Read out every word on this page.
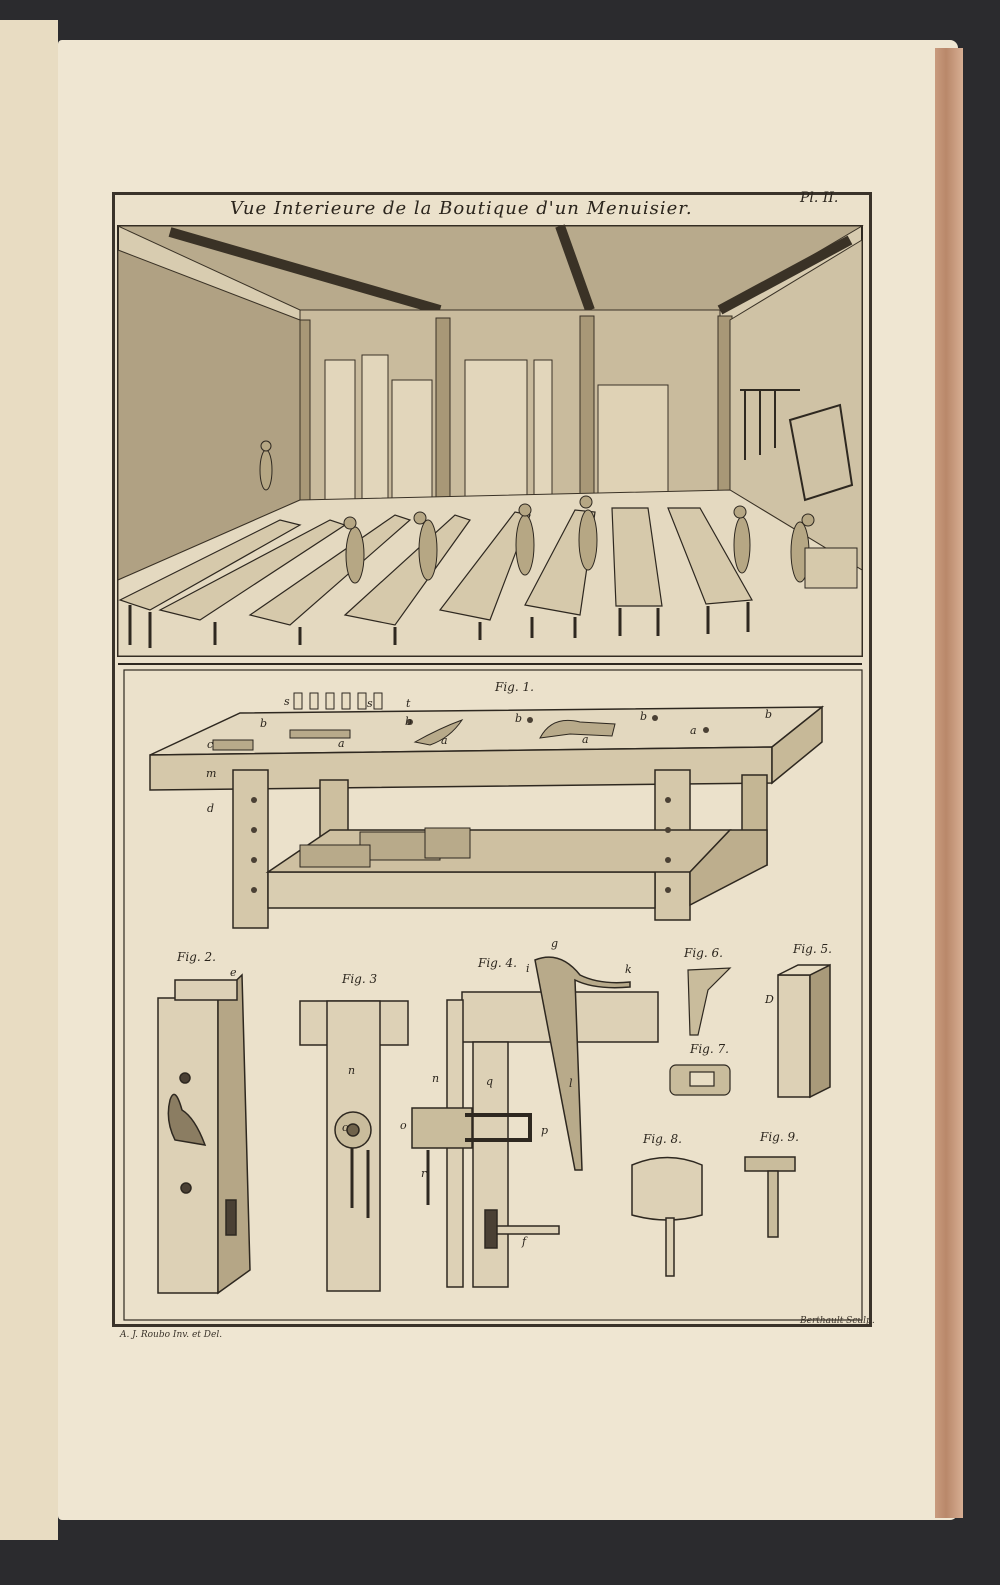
Vue Interieure de la Boutique d'un Menuisier.	Pl. II.
Fig. 1.
Fig. 2.
Fig. 3
Fig. 4.
Fig. 5.
Fig. 6.
Fig. 7.
Fig. 8.	Fig. 9.
s	s	t
b	b	b	b	b
a	a	a
a
c
m
d
e
n
o
g
i	k
n	q
o	p
r
l
f
D
A. J. Roubo Inv. et Del.
Berthault Sculp.
